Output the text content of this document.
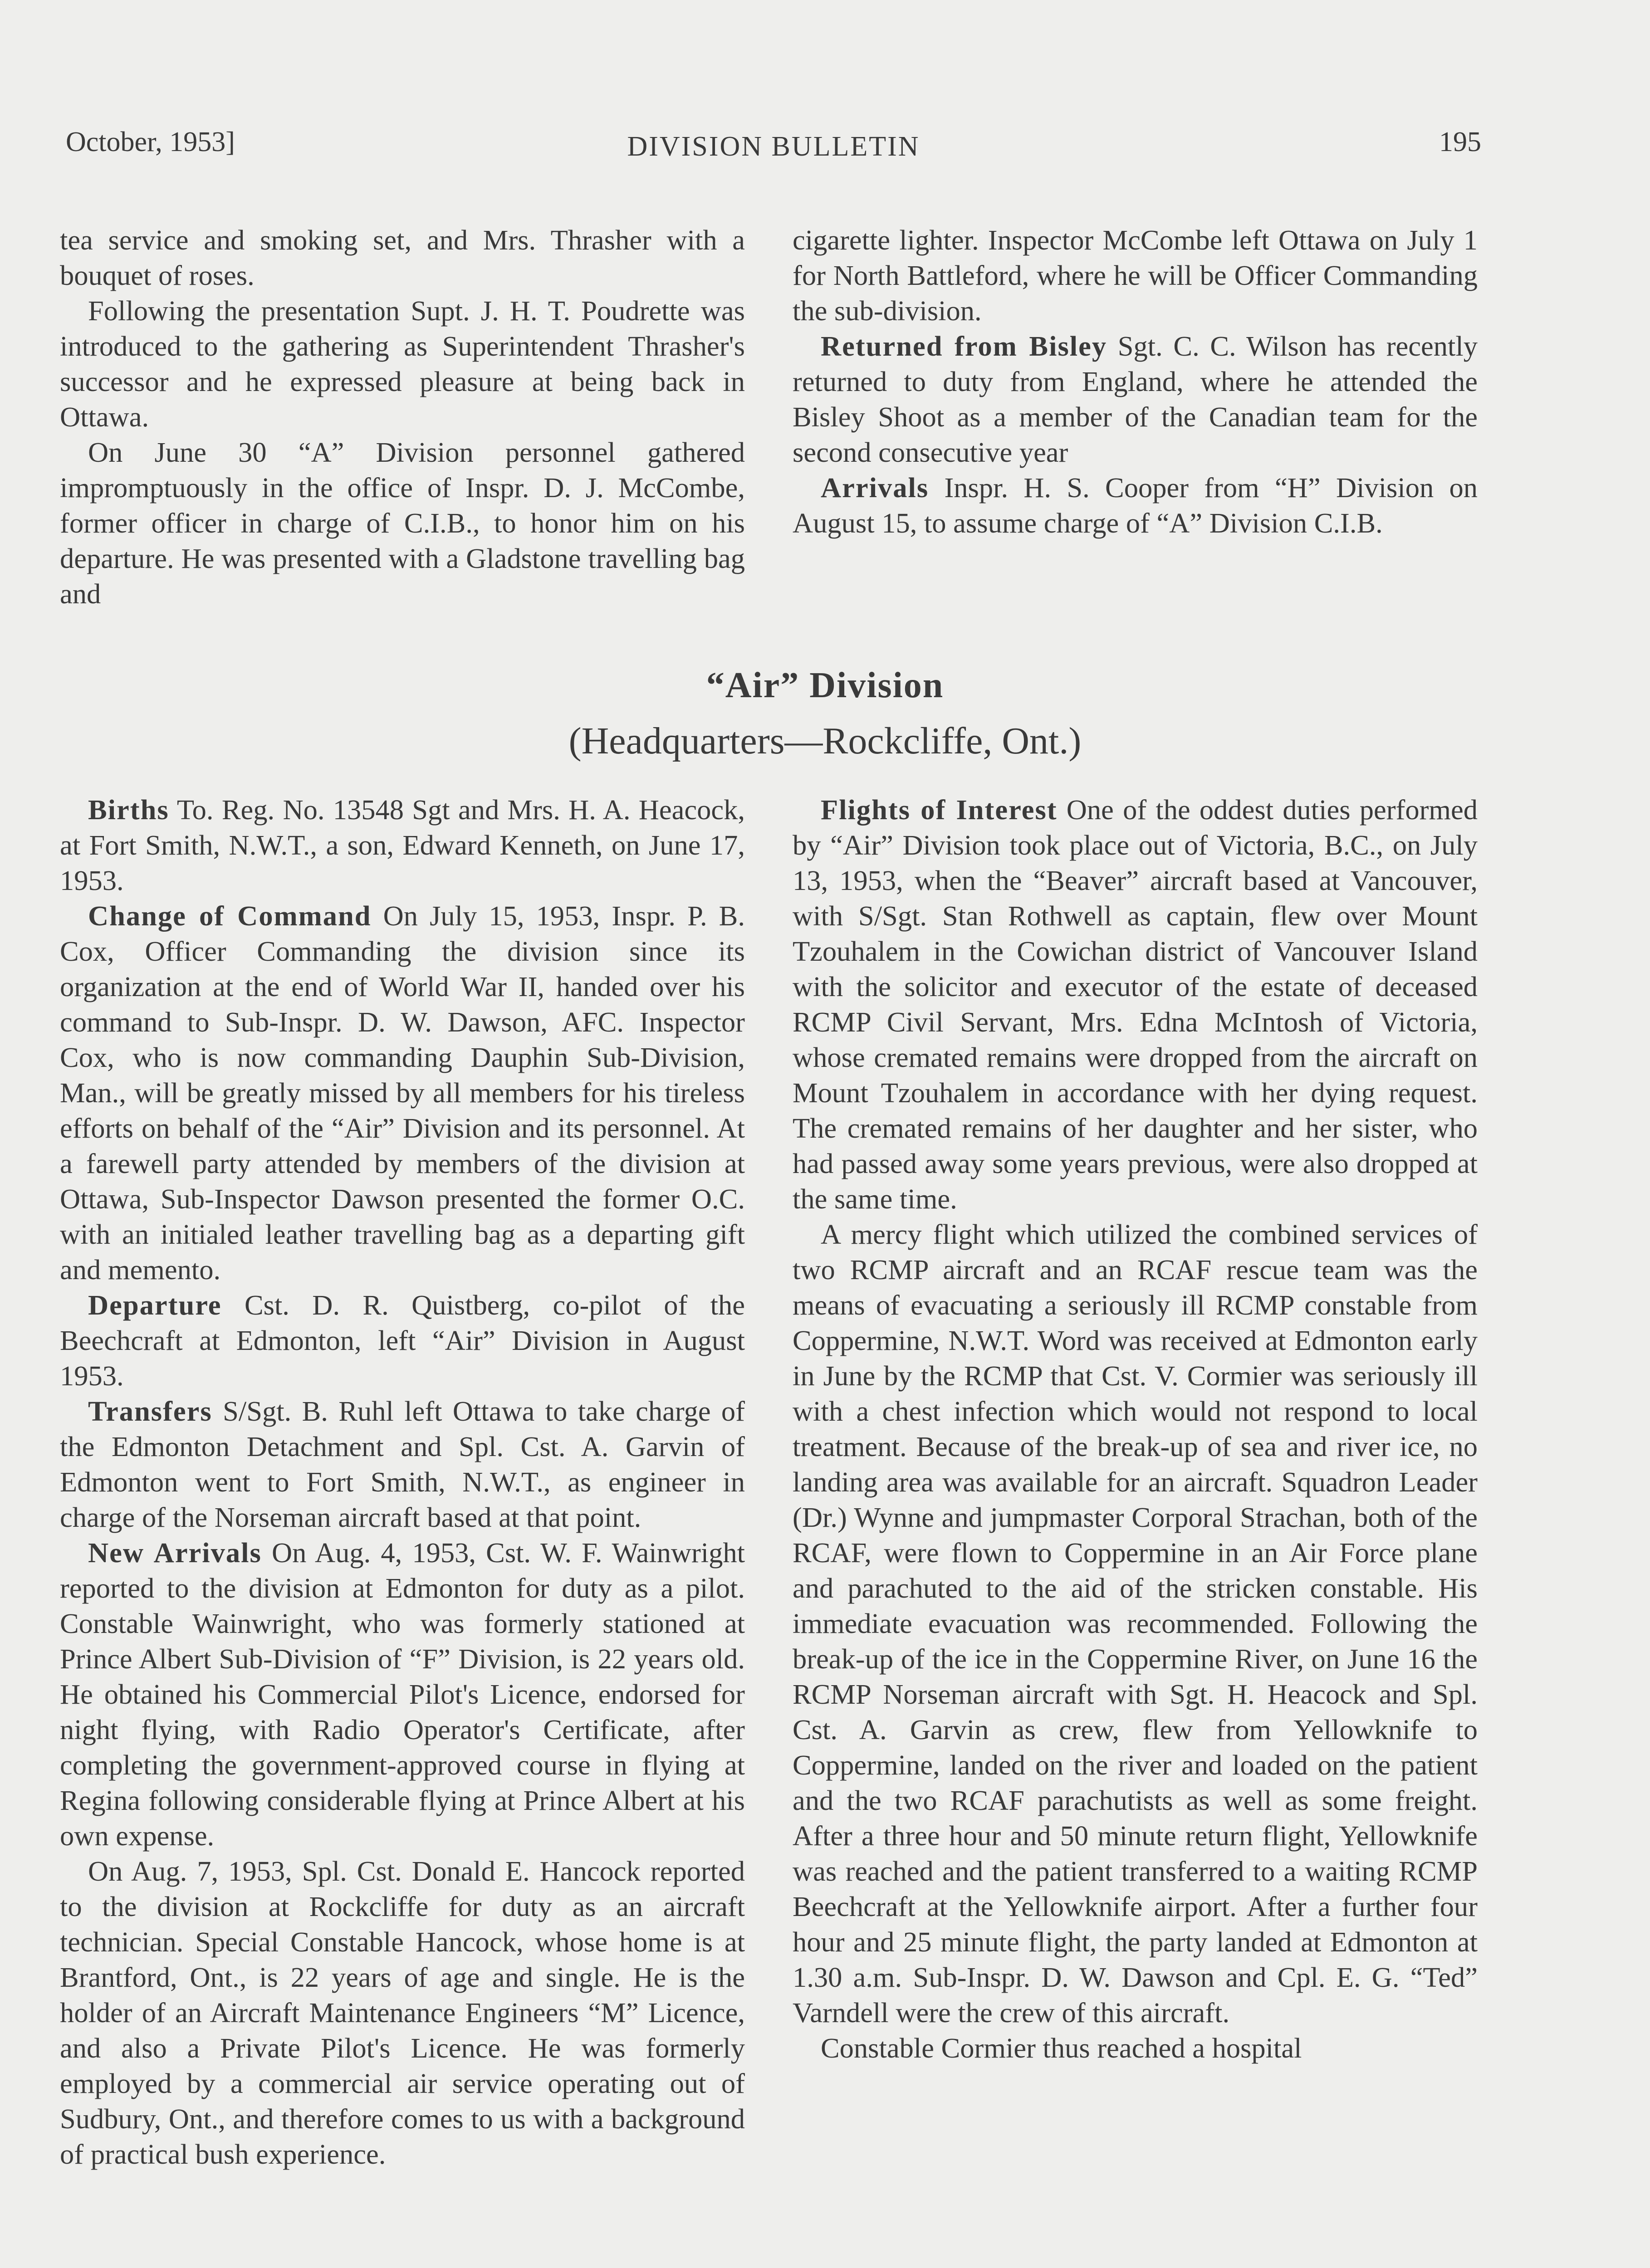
October, 1953]	DIVISION BULLETIN	195

tea service and smoking set, and Mrs. Thrasher with a bouquet of roses.

Following the presentation Supt. J. H. T. Poudrette was introduced to the gathering as Superintendent Thrasher's successor and he expressed pleasure at being back in Ottawa.

On June 30 “A” Division personnel gathered impromptuously in the office of Inspr. D. J. McCombe, former officer in charge of C.I.B., to honor him on his departure. He was presented with a Gladstone travelling bag and

cigarette lighter. Inspector McCombe left Ottawa on July 1 for North Battleford, where he will be Officer Commanding the sub-division.

Returned from Bisley Sgt. C. C. Wilson has recently returned to duty from England, where he attended the Bisley Shoot as a member of the Canadian team for the second consecutive year

Arrivals Inspr. H. S. Cooper from “H” Division on August 15, to assume charge of “A” Division C.I.B.

“Air” Division
(Headquarters—Rockcliffe, Ont.)

Births To. Reg. No. 13548 Sgt and Mrs. H. A. Heacock, at Fort Smith, N.W.T., a son, Edward Kenneth, on June 17, 1953.

Change of Command On July 15, 1953, Inspr. P. B. Cox, Officer Commanding the division since its organization at the end of World War II, handed over his command to Sub-Inspr. D. W. Dawson, AFC. Inspector Cox, who is now commanding Dauphin Sub-Division, Man., will be greatly missed by all members for his tireless efforts on behalf of the “Air” Division and its personnel. At a farewell party attended by members of the division at Ottawa, Sub-Inspector Dawson presented the former O.C. with an initialed leather travelling bag as a departing gift and memento.

Departure Cst. D. R. Quistberg, co-pilot of the Beechcraft at Edmonton, left “Air” Division in August 1953.

Transfers S/Sgt. B. Ruhl left Ottawa to take charge of the Edmonton Detachment and Spl. Cst. A. Garvin of Edmonton went to Fort Smith, N.W.T., as engineer in charge of the Norseman aircraft based at that point.

New Arrivals On Aug. 4, 1953, Cst. W. F. Wainwright reported to the division at Edmonton for duty as a pilot. Constable Wainwright, who was formerly stationed at Prince Albert Sub-Division of “F” Division, is 22 years old. He obtained his Commercial Pilot's Licence, endorsed for night flying, with Radio Operator's Certificate, after completing the government-approved course in flying at Regina following considerable flying at Prince Albert at his own expense.

On Aug. 7, 1953, Spl. Cst. Donald E. Hancock reported to the division at Rockcliffe for duty as an aircraft technician. Special Constable Hancock, whose home is at Brantford, Ont., is 22 years of age and single. He is the holder of an Aircraft Maintenance Engineers “M” Licence, and also a Private Pilot's Licence. He was formerly employed by a commercial air service operating out of Sudbury, Ont., and therefore comes to us with a background of practical bush experience.

Flights of Interest One of the oddest duties performed by “Air” Division took place out of Victoria, B.C., on July 13, 1953, when the “Beaver” aircraft based at Vancouver, with S/Sgt. Stan Rothwell as captain, flew over Mount Tzouhalem in the Cowichan district of Vancouver Island with the solicitor and executor of the estate of deceased RCMP Civil Servant, Mrs. Edna McIntosh of Victoria, whose cremated remains were dropped from the aircraft on Mount Tzouhalem in accordance with her dying request. The cremated remains of her daughter and her sister, who had passed away some years previous, were also dropped at the same time.

A mercy flight which utilized the combined services of two RCMP aircraft and an RCAF rescue team was the means of evacuating a seriously ill RCMP constable from Coppermine, N.W.T. Word was received at Edmonton early in June by the RCMP that Cst. V. Cormier was seriously ill with a chest infection which would not respond to local treatment. Because of the break-up of sea and river ice, no landing area was available for an aircraft. Squadron Leader (Dr.) Wynne and jumpmaster Corporal Strachan, both of the RCAF, were flown to Coppermine in an Air Force plane and parachuted to the aid of the stricken constable. His immediate evacuation was recommended. Following the break-up of the ice in the Coppermine River, on June 16 the RCMP Norseman aircraft with Sgt. H. Heacock and Spl. Cst. A. Garvin as crew, flew from Yellowknife to Coppermine, landed on the river and loaded on the patient and the two RCAF parachutists as well as some freight. After a three hour and 50 minute return flight, Yellowknife was reached and the patient transferred to a waiting RCMP Beechcraft at the Yellowknife airport. After a further four hour and 25 minute flight, the party landed at Edmonton at 1.30 a.m. Sub-Inspr. D. W. Dawson and Cpl. E. G. “Ted” Varndell were the crew of this aircraft.

Constable Cormier thus reached a hospital
